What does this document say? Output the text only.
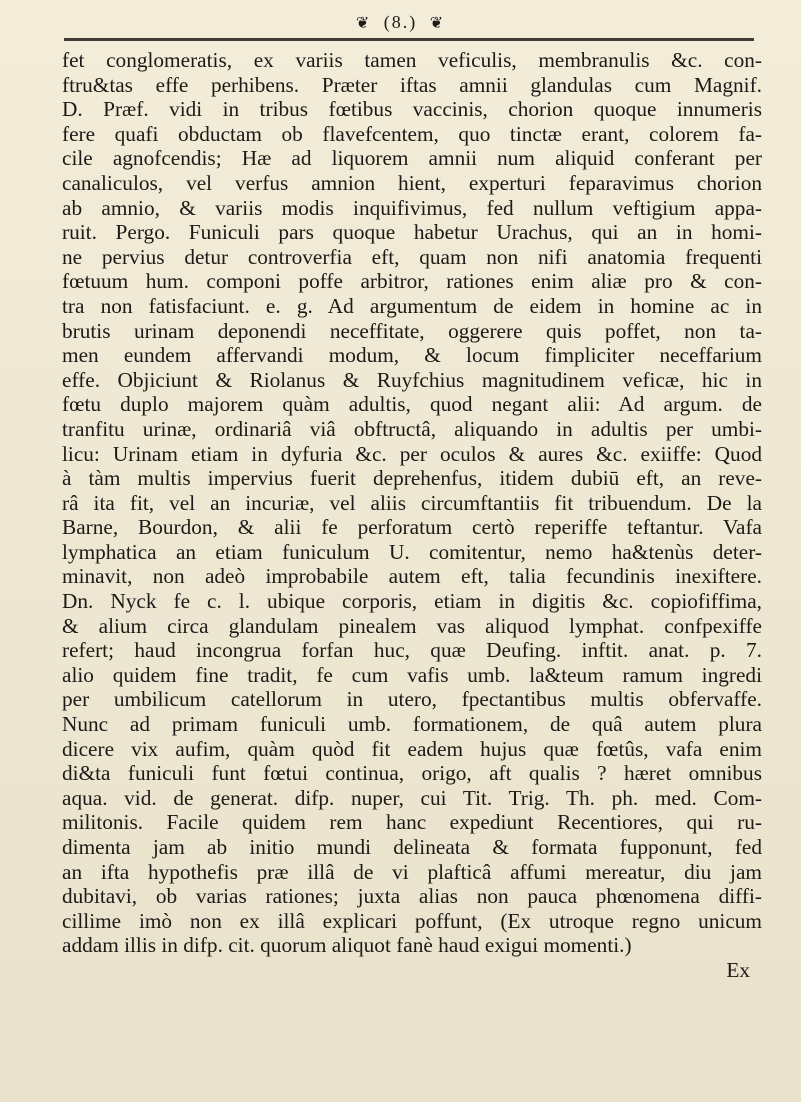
❦ (8.) ❦
fet conglomeratis, ex variis tamen veficulis, membranulis &c. con-
ftru&tas effe perhibens. Præter iftas amnii glandulas cum Magnif.
D. Præf. vidi in tribus fœtibus vaccinis, chorion quoque innumeris
fere quafi obductam ob flavefcentem, quo tinctæ erant, colorem fa-
cile agnofcendis; Hæ ad liquorem amnii num aliquid conferant per
canaliculos, vel verfus amnion hient, experturi feparavimus chorion
ab amnio, & variis modis inquifivimus, fed nullum veftigium appa-
ruit. Pergo. Funiculi pars quoque habetur Urachus, qui an in homi-
ne pervius detur controverfia eft, quam non nifi anatomia frequenti
fœtuum hum. componi poffe arbitror, rationes enim aliæ pro & con-
tra non fatisfaciunt. e. g. Ad argumentum de eidem in homine ac in
brutis urinam deponendi neceffitate, oggerere quis poffet, non ta-
men eundem affervandi modum, & locum fimpliciter neceffarium
effe. Objiciunt & Riolanus & Ruyfchius magnitudinem veficæ, hic in
fœtu duplo majorem quàm adultis, quod negant alii: Ad argum. de
tranfitu urinæ, ordinariâ viâ obftructâ, aliquando in adultis per umbi-
licu: Urinam etiam in dyfuria &c. per oculos & aures &c. exiiffe: Quod
à tàm multis impervius fuerit deprehenfus, itidem dubiū eft, an reve-
râ ita fit, vel an incuriæ, vel aliis circumftantiis fit tribuendum. De la
Barne, Bourdon, & alii fe perforatum certò reperiffe teftantur. Vafa
lymphatica an etiam funiculum U. comitentur, nemo ha&tenùs deter-
minavit, non adeò improbabile autem eft, talia fecundinis inexiftere.
Dn. Nyck fe c. l. ubique corporis, etiam in digitis &c. copiofiffima,
& alium circa glandulam pinealem vas aliquod lymphat. confpexiffe
refert; haud incongrua forfan huc, quæ Deufing. inftit. anat. p. 7.
alio quidem fine tradit, fe cum vafis umb. la&teum ramum ingredi
per umbilicum catellorum in utero, fpectantibus multis obfervaffe.
Nunc ad primam funiculi umb. formationem, de quâ autem plura
dicere vix aufim, quàm quòd fit eadem hujus quæ fœtûs, vafa enim
di&ta funiculi funt fœtui continua, origo, aft qualis ? hæret omnibus
aqua. vid. de generat. difp. nuper, cui Tit. Trig. Th. ph. med. Com-
militonis. Facile quidem rem hanc expediunt Recentiores, qui ru-
dimenta jam ab initio mundi delineata & formata fupponunt, fed
an ifta hypothefis præ illâ de vi plafticâ affumi mereatur, diu jam
dubitavi, ob varias rationes; juxta alias non pauca phœnomena diffi-
cillime imò non ex illâ explicari poffunt, (Ex utroque regno unicum
addam illis in difp. cit. quorum aliquot fanè haud exigui momenti.)
Ex
